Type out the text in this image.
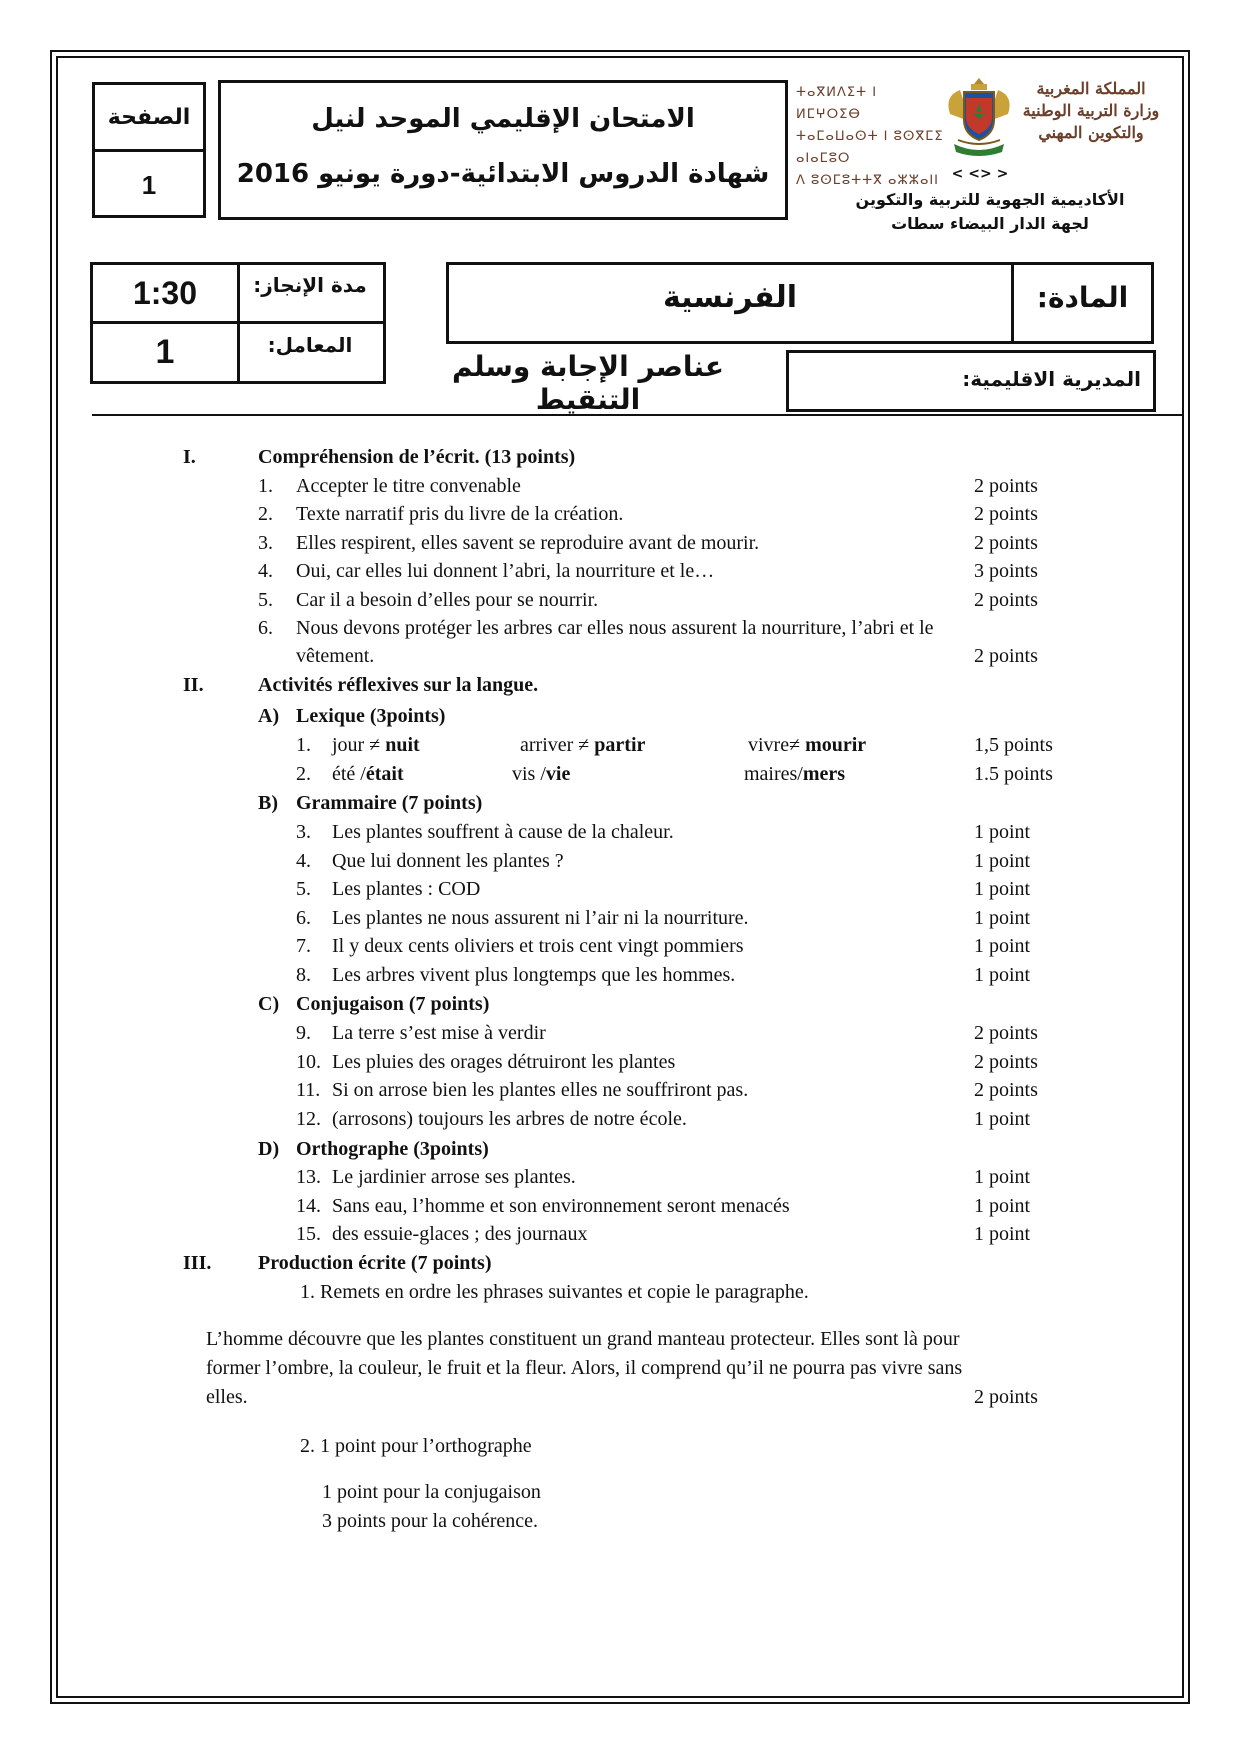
الصفحة
1
الامتحان الإقليمي الموحد لنيل
شهادة الدروس الابتدائية-دورة يونيو 2016
ⵜⴰⴳⵍⴷⵉⵜ ⵏ ⵍⵎⵖⵔⵉⴱ
ⵜⴰⵎⴰⵡⴰⵙⵜ ⵏ ⵓⵙⴳⵎⵉ ⴰⵏⴰⵎⵓⵔ
ⴷ ⵓⵙⵎⵓⵜⵜⴳ ⴰⵣⵣⴰⵏⵏ
المملكة المغربية
وزارة التربية الوطنية
والتكوين المهني
< <> >
الأكاديمية الجهوية للتربية والتكوين
لجهة الدار البيضاء سطات
1:30	مدة الإنجاز:
1	المعامل:
الفرنسية	المادة:
عناصر الإجابة وسلم التنقيط
المديرية الاقليمية:
I.	Compréhension de l’écrit. (13 points)
1. Accepter le titre convenable	2 points
2. Texte narratif pris du livre de la création.	2 points
3. Elles respirent, elles savent se reproduire avant de mourir.	2 points
4. Oui, car elles lui donnent l’abri, la nourriture et le…	3 points
5. Car il a besoin d’elles pour se nourrir.	2 points
6. Nous devons protéger les arbres car elles nous assurent la nourriture, l’abri et le
vêtement.	2 points
II.	Activités réflexives sur la langue.
A) Lexique (3points)
1. jour ≠ nuit	arriver ≠ partir	vivre≠ mourir	1,5 points
2. été /était	vis /vie	maires/mers	1.5 points
B) Grammaire (7 points)
3. Les plantes souffrent à cause de la chaleur.	1 point
4. Que lui donnent les plantes ?	1 point
5. Les plantes : COD	1 point
6. Les plantes ne nous assurent ni l’air ni la nourriture.	1 point
7. Il y deux cents oliviers et trois cent vingt pommiers	1 point
8. Les arbres vivent plus longtemps que les hommes.	1 point
C) Conjugaison (7 points)
9. La terre s’est mise à verdir	2 points
10. Les pluies des orages détruiront les plantes	2 points
11. Si on arrose bien les plantes elles ne souffriront pas.	2 points
12. (arrosons) toujours les arbres de notre école.	1 point
D) Orthographe (3points)
13. Le jardinier arrose ses plantes.	1 point
14. Sans eau, l’homme et son environnement seront menacés	1 point
15. des essuie-glaces ; des journaux	1 point
III. Production écrite (7 points)
1. Remets en ordre les phrases suivantes et copie le paragraphe.
L’homme découvre que les plantes constituent un grand manteau protecteur. Elles sont là pour
former l’ombre, la couleur, le fruit et la fleur. Alors, il comprend qu’il ne pourra pas vivre sans
elles.	2 points
2. 1 point pour l’orthographe
1 point pour la conjugaison
3 points pour la cohérence.
